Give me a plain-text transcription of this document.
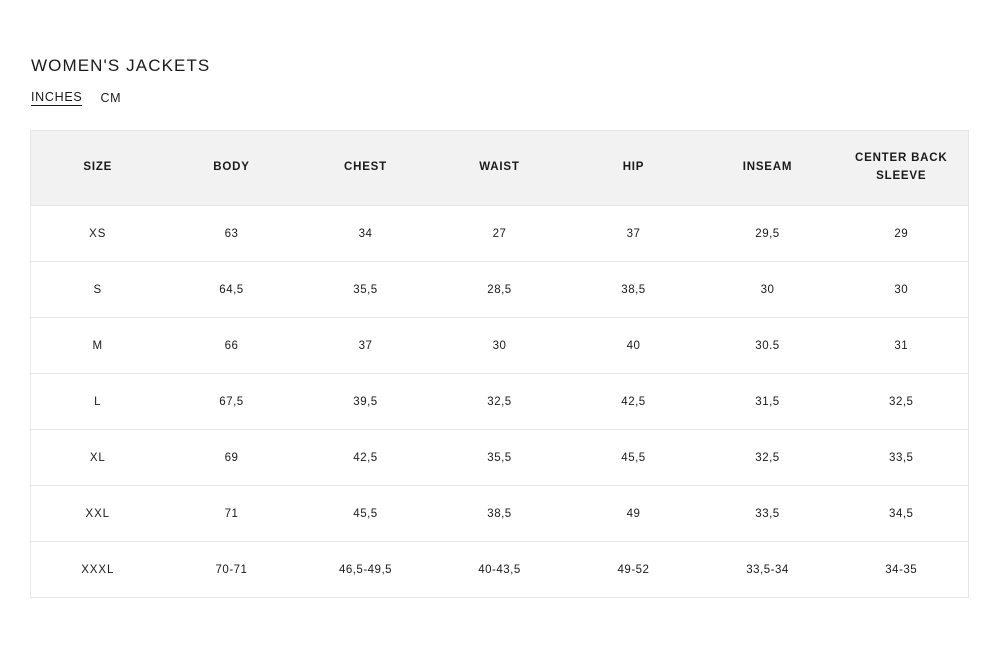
WOMEN'S JACKETS
INCHES CM
SIZE	BODY	CHEST	WAIST	HIP	INSEAM	CENTER BACK SLEEVE
XS	63	34	27	37	29,5	29
S	64,5	35,5	28,5	38,5	30	30
M	66	37	30	40	30.5	31
L	67,5	39,5	32,5	42,5	31,5	32,5
XL	69	42,5	35,5	45,5	32,5	33,5
XXL	71	45,5	38,5	49	33,5	34,5
XXXL	70-71	46,5-49,5	40-43,5	49-52	33,5-34	34-35
